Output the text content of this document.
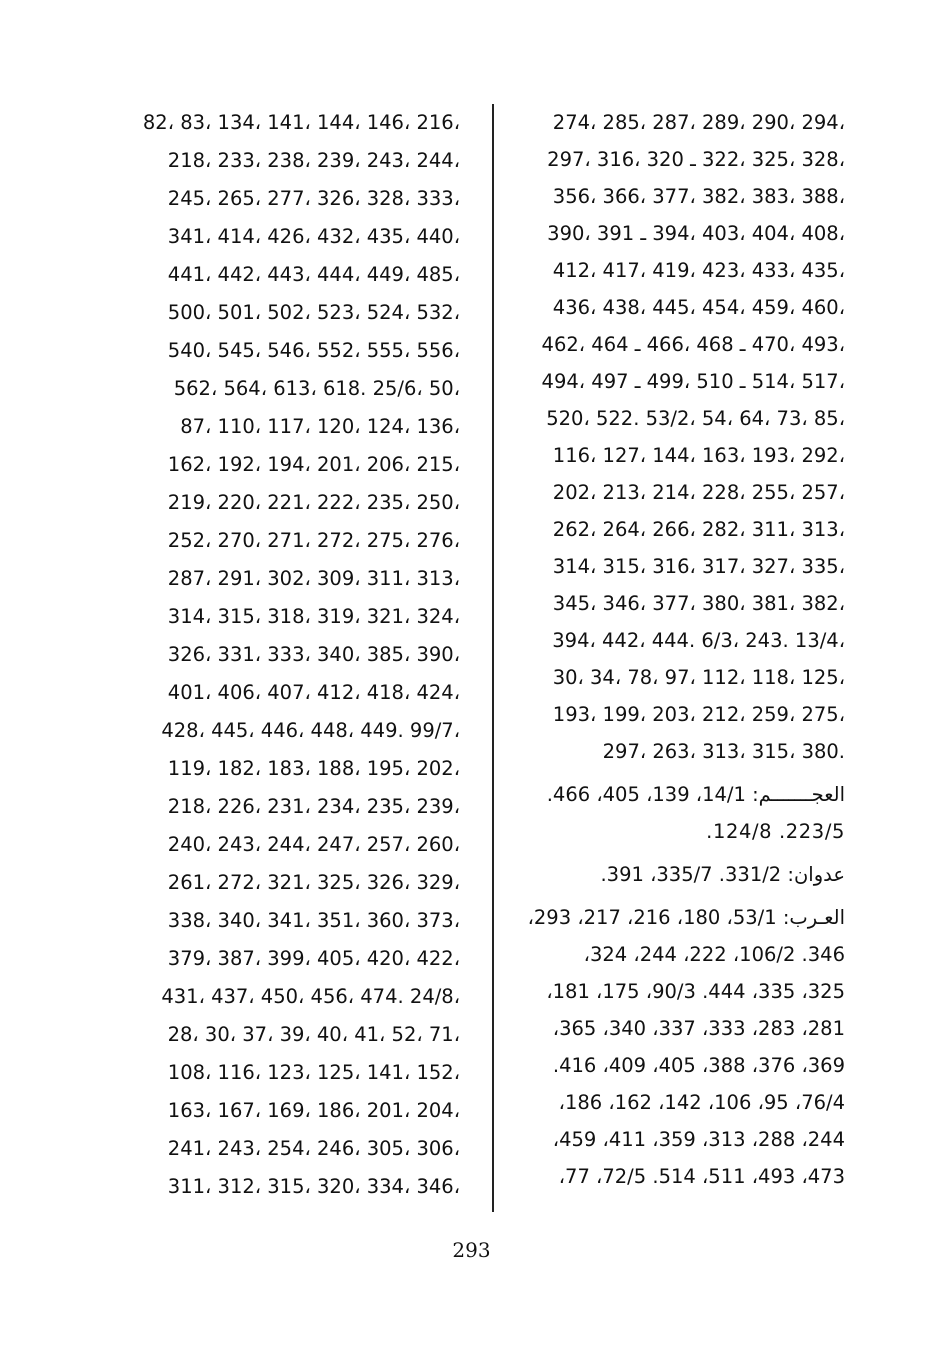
،216 ،146 ،144 ،141 ،134 ،83 ،82
،244 ،243 ،239 ،238 ،233 ،218
،333 ،328 ،326 ،277 ،265 ،245
،440 ،435 ،432 ،426 ،414 ،341
،485 ،449 ،444 ،443 ،442 ،441
،532 ،524 ،523 ،502 ،501 ،500
،556 ،555 ،552 ،546 ،545 ،540
،50 ،25/6 .618 ،613 ،564 ،562
،136 ،124 ،120 ،117 ،110 ،87
،215 ،206 ،201 ،194 ،192 ،162
،250 ،235 ،222 ،221 ،220 ،219
،276 ،275 ،272 ،271 ،270 ،252
،313 ،311 ،309 ،302 ،291 ،287
،324 ،321 ،319 ،318 ،315 ،314
،390 ،385 ،340 ،333 ،331 ،326
،424 ،418 ،412 ،407 ،406 ،401
،99/7 .449 ،448 ،446 ،445 ،428
،202 ،195 ،188 ،183 ،182 ،119
،239 ،235 ،234 ،231 ،226 ،218
،260 ،257 ،247 ،244 ،243 ،240
،329 ،326 ،325 ،321 ،272 ،261
،373 ،360 ،351 ،341 ،340 ،338
،422 ،420 ،405 ،399 ،387 ،379
،24/8 .474 ،456 ،450 ،437 ،431
،71 ،52 ،41 ،40 ،39 ،37 ،30 ،28
،152 ،141 ،125 ،123 ،116 ،108
،204 ،201 ،186 ،169 ،167 ،163
،306 ،305 ،246 ،254 ،243 ،241
،346 ،334 ،320 ،315 ،312 ،311
،294 ،290 ،289 ،287 ،285 ،274
،328 ،325 ،322 ـ 320 ،316 ،297
،388 ،383 ،382 ،377 ،366 ،356
،408 ،404 ،403 ،394 ـ 391 ،390
،435 ،433 ،423 ،419 ،417 ،412
،460 ،459 ،454 ،445 ،438 ،436
،493 ،470 ـ 468 ،466 ـ 464 ،462
،517 ،514 ـ 510 ،499 ـ 497 ،494
،85 ،73 ،64 ،54 ،53/2 .522 ،520
،292 ،193 ،163 ،144 ،127 ،116
،257 ،255 ،228 ،214 ،213 ،202
،313 ،311 ،282 ،266 ،264 ،262
،335 ،327 ،317 ،316 ،315 ،314
،382 ،381 ،380 ،377 ،346 ،345
،13/4 .243 ،6/3 .444 ،442 ،394
،125 ،118 ،112 ،97 ،78 ،34 ،30
،275 ،259 ،212 ،203 ،199 ،193
.380 ،315 ،313 ،263 ،297
العجـــــــم: 14/1، 139، 405، 466.
223/5. 124/8.
عدوان: 331/2. 335/7، 391.
العـرب: 53/1، 180، 216، 217، 293،
346. 106/2، 222، 244، 324،
325، 335، 444. 90/3، 175، 181،
281، 283، 333، 337، 340، 365،
369، 376، 388، 405، 409، 416.
76/4، 95، 106، 142، 162، 186،
244، 288، 313، 359، 411، 459،
473، 493، 511، 514. 72/5، 77،
293
